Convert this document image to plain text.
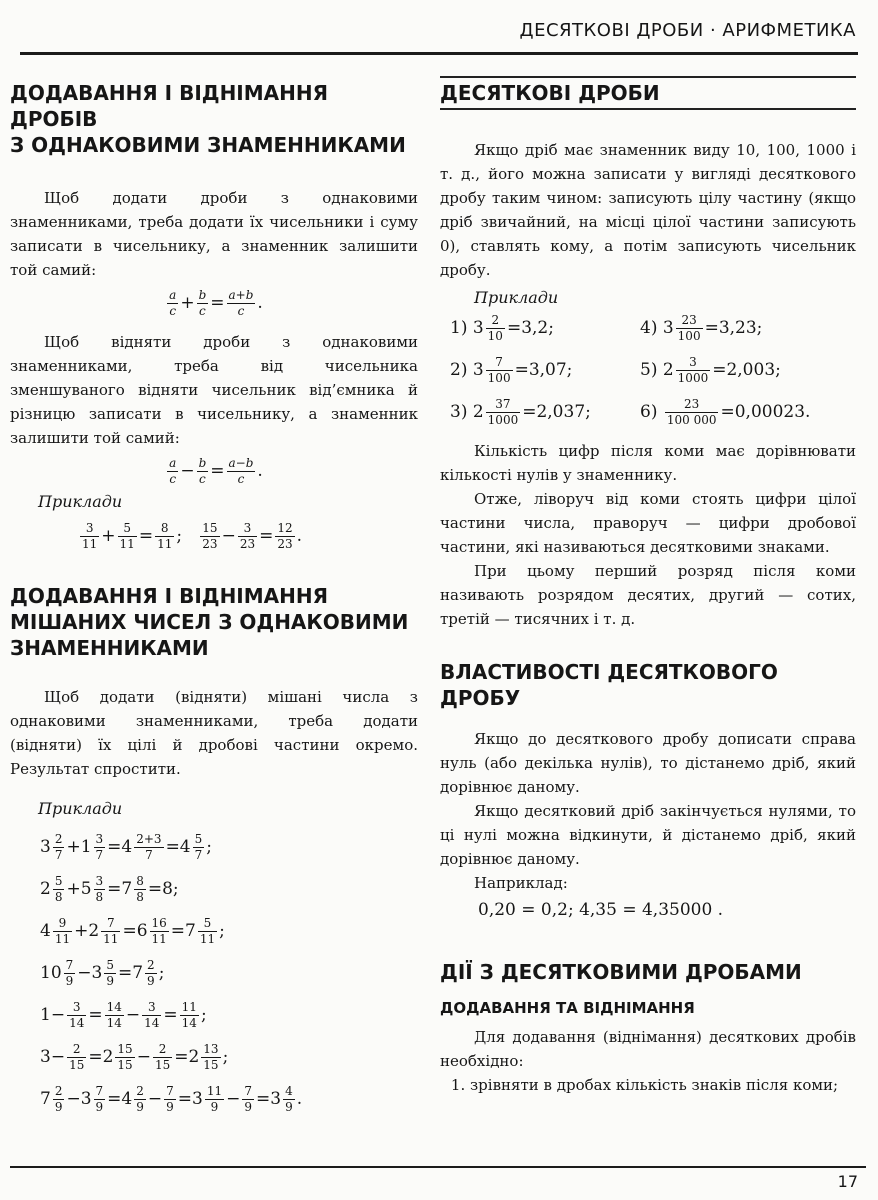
ДЕСЯТКОВІ ДРОБИ · АРИФМЕТИКА
ДОДАВАННЯ І ВІДНІМАННЯ ДРОБІВ
З ОДНАКОВИМИ ЗНАМЕННИКАМИ

Щоб додати дроби з однаковими знаменниками, треба додати їх чисельники і суму записати в чисельнику, а знаменник залишити той самий:

$\frac{a}{c} + \frac{b}{c} = \frac{a+b}{c}$ .

Щоб відняти дроби з однаковими знаменниками, треба від чисельника зменшуваного відняти чисельник від’ємника й різницю записати в чисельнику, а знаменник залишити той самий:

$\frac{a}{c} - \frac{b}{c} = \frac{a-b}{c}$ .
Приклади
$\frac{3}{11} + \frac{5}{11} = \frac{8}{11}$ ; $\frac{15}{23} - \frac{3}{23} = \frac{12}{23}$ .
ДОДАВАННЯ І ВІДНІМАННЯ
МІШАНИХ ЧИСЕЛ З ОДНАКОВИМИ
ЗНАМЕННИКАМИ

Щоб додати (відняти) мішані числа з однаковими знаменниками, треба додати (відняти) їх цілі й дробові частини окремо. Результат спростити.

Приклади
$3 \frac{2}{7} +1 \frac{3}{7} =4 \frac{2+3}{7} =4 \frac{5}{7}$ ;
$2 \frac{5}{8} +5 \frac{3}{8} =7 \frac{8}{8} =8$;
$4 \frac{9}{11} +2 \frac{7}{11} =6 \frac{16}{11} =7 \frac{5}{11}$ ;
$10 \frac{7}{9} -3 \frac{5}{9} =7 \frac{2}{9}$ ;
$1- \frac{3}{14} = \frac{14}{14} - \frac{3}{14} = \frac{11}{14}$ ;
$3- \frac{2}{15} =2 \frac{15}{15} - \frac{2}{15} =2 \frac{13}{15}$ ;
$7 \frac{2}{9} -3 \frac{7}{9} =4 \frac{2}{9} - \frac{7}{9} =3 \frac{11}{9} - \frac{7}{9} =3 \frac{4}{9}$ .
ДЕСЯТКОВІ ДРОБИ

Якщо дріб має знаменник виду 10, 100, 1000 і т. д., його можна записати у вигляді десяткового дробу таким чином: записують цілу частину (якщо дріб звичайний, на місці цілої частини записують 0), ставлять кому, а потім записують чисельник дробу.

Приклади
1) $3 \frac{2}{10} =3,2$;	4) $3 \frac{23}{100} =3,23$;
2) $3 \frac{7}{100} =3,07$;	5) $2 \frac{3}{1000} =2,003$;
3) $2 \frac{37}{1000} =2,037$;	$6) \frac{23}{100 000} =0,00023$.

Кількість цифр після коми має дорівнювати кількості нулів у знаменнику.

Отже, ліворуч від коми стоять цифри цілої частини числа, праворуч — цифри дробової частини, які називаються десятковими знаками.

При цьому перший розряд після коми називають розрядом десятих, другий — сотих, третій — тисячних і т. д.

ВЛАСТИВОСТІ ДЕСЯТКОВОГО ДРОБУ

Якщо до десяткового дробу дописати справа нуль (або декілька нулів), то дістанемо дріб, який дорівнює даному.

Якщо десятковий дріб закінчується нулями, то ці нулі можна відкинути, й дістанемо дріб, який дорівнює даному.

Наприклад:

0,20 = 0,2; 4,35 = 4,35000 .
ДІЇ З ДЕСЯТКОВИМИ ДРОБАМИ
ДОДАВАННЯ ТА ВІДНІМАННЯ

Для додавання (віднімання) десяткових дробів необхідно:

1. зрівняти в дробах кількість знаків після коми;
17
